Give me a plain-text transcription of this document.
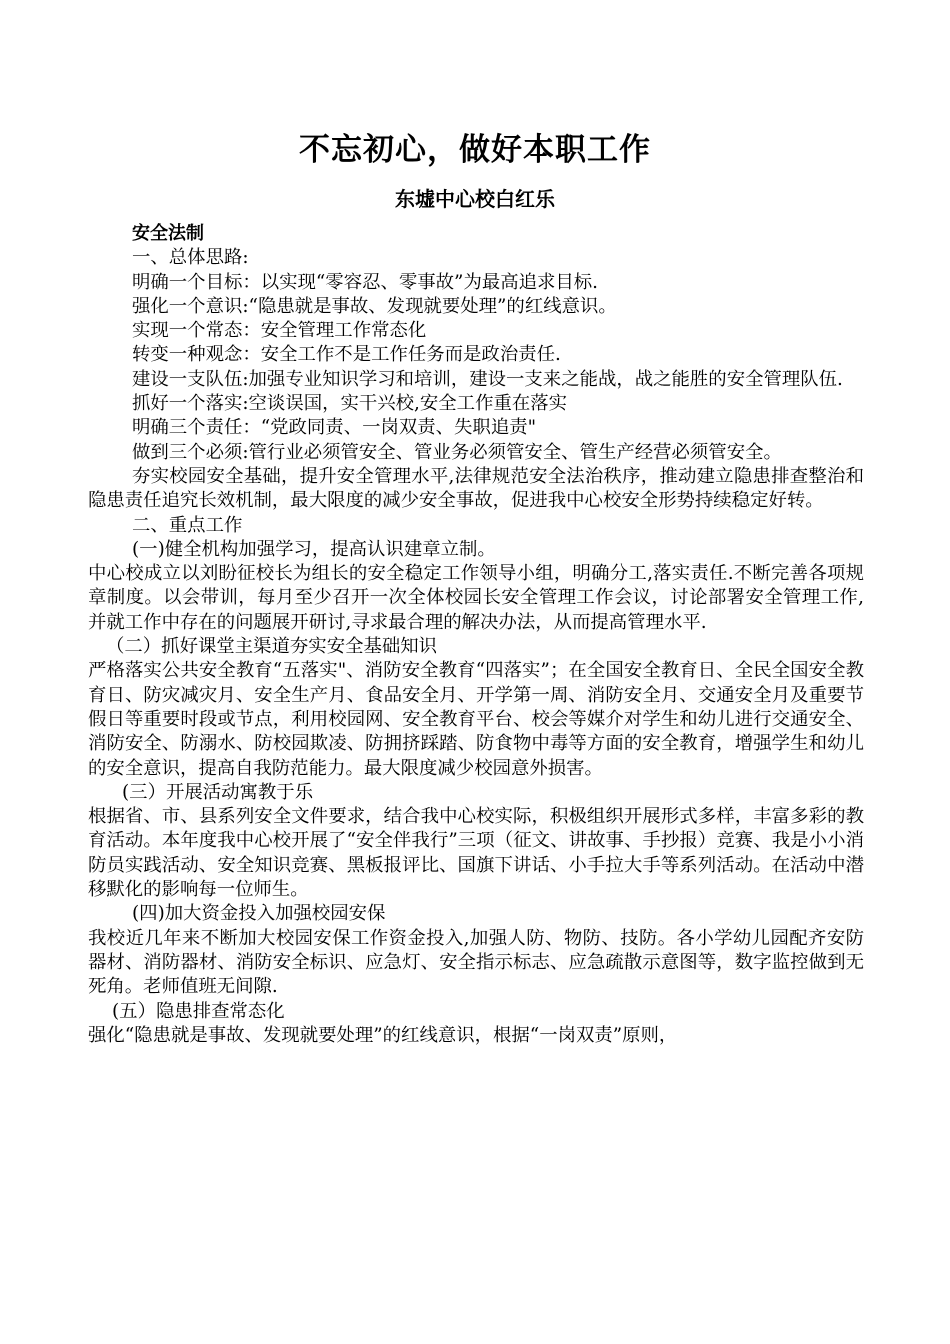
不忘初心，做好本职工作
东墟中心校白红乐

安全法制

一、总体思路:

明确一个目标：以实现“零容忍、零事故”为最高追求目标.

强化一个意识:“隐患就是事故、发现就要处理”的红线意识。

实现一个常态：安全管理工作常态化

转变一种观念：安全工作不是工作任务而是政治责任.

建设一支队伍:加强专业知识学习和培训，建设一支来之能战，战之能胜的安全管理队伍.

抓好一个落实:空谈误国，实干兴校,安全工作重在落实

明确三个责任：“党政同责、一岗双责、失职追责"

做到三个必须:管行业必须管安全、管业务必须管安全、管生产经营必须管安全。

夯实校园安全基础，提升安全管理水平,法律规范安全法治秩序，推动建立隐患排查整治和隐患责任追究长效机制，最大限度的减少安全事故，促进我中心校安全形势持续稳定好转。

二、重点工作

(一)健全机构加强学习，提高认识建章立制。

中心校成立以刘盼征校长为组长的安全稳定工作领导小组，明确分工,落实责任.不断完善各项规章制度。以会带训，每月至少召开一次全体校园长安全管理工作会议，讨论部署安全管理工作,并就工作中存在的问题展开研讨,寻求最合理的解决办法，从而提高管理水平.

（二）抓好课堂主渠道夯实安全基础知识

严格落实公共安全教育“五落实"、消防安全教育“四落实”；在全国安全教育日、全民全国安全教育日、防灾减灾月、安全生产月、食品安全月、开学第一周、消防安全月、交通安全月及重要节假日等重要时段或节点，利用校园网、安全教育平台、校会等媒介对学生和幼儿进行交通安全、消防安全、防溺水、防校园欺凌、防拥挤踩踏、防食物中毒等方面的安全教育，增强学生和幼儿的安全意识，提高自我防范能力。最大限度减少校园意外损害。

(三）开展活动寓教于乐

根据省、市、县系列安全文件要求，结合我中心校实际，积极组织开展形式多样，丰富多彩的教育活动。本年度我中心校开展了“安全伴我行”三项（征文、讲故事、手抄报）竞赛、我是小小消防员实践活动、安全知识竞赛、黑板报评比、国旗下讲话、小手拉大手等系列活动。在活动中潜移默化的影响每一位师生。

(四)加大资金投入加强校园安保

我校近几年来不断加大校园安保工作资金投入,加强人防、物防、技防。各小学幼儿园配齐安防器材、消防器材、消防安全标识、应急灯、安全指示标志、应急疏散示意图等，数字监控做到无死角。老师值班无间隙.

(五）隐患排查常态化

强化“隐患就是事故、发现就要处理”的红线意识，根据“一岗双责”原则，
